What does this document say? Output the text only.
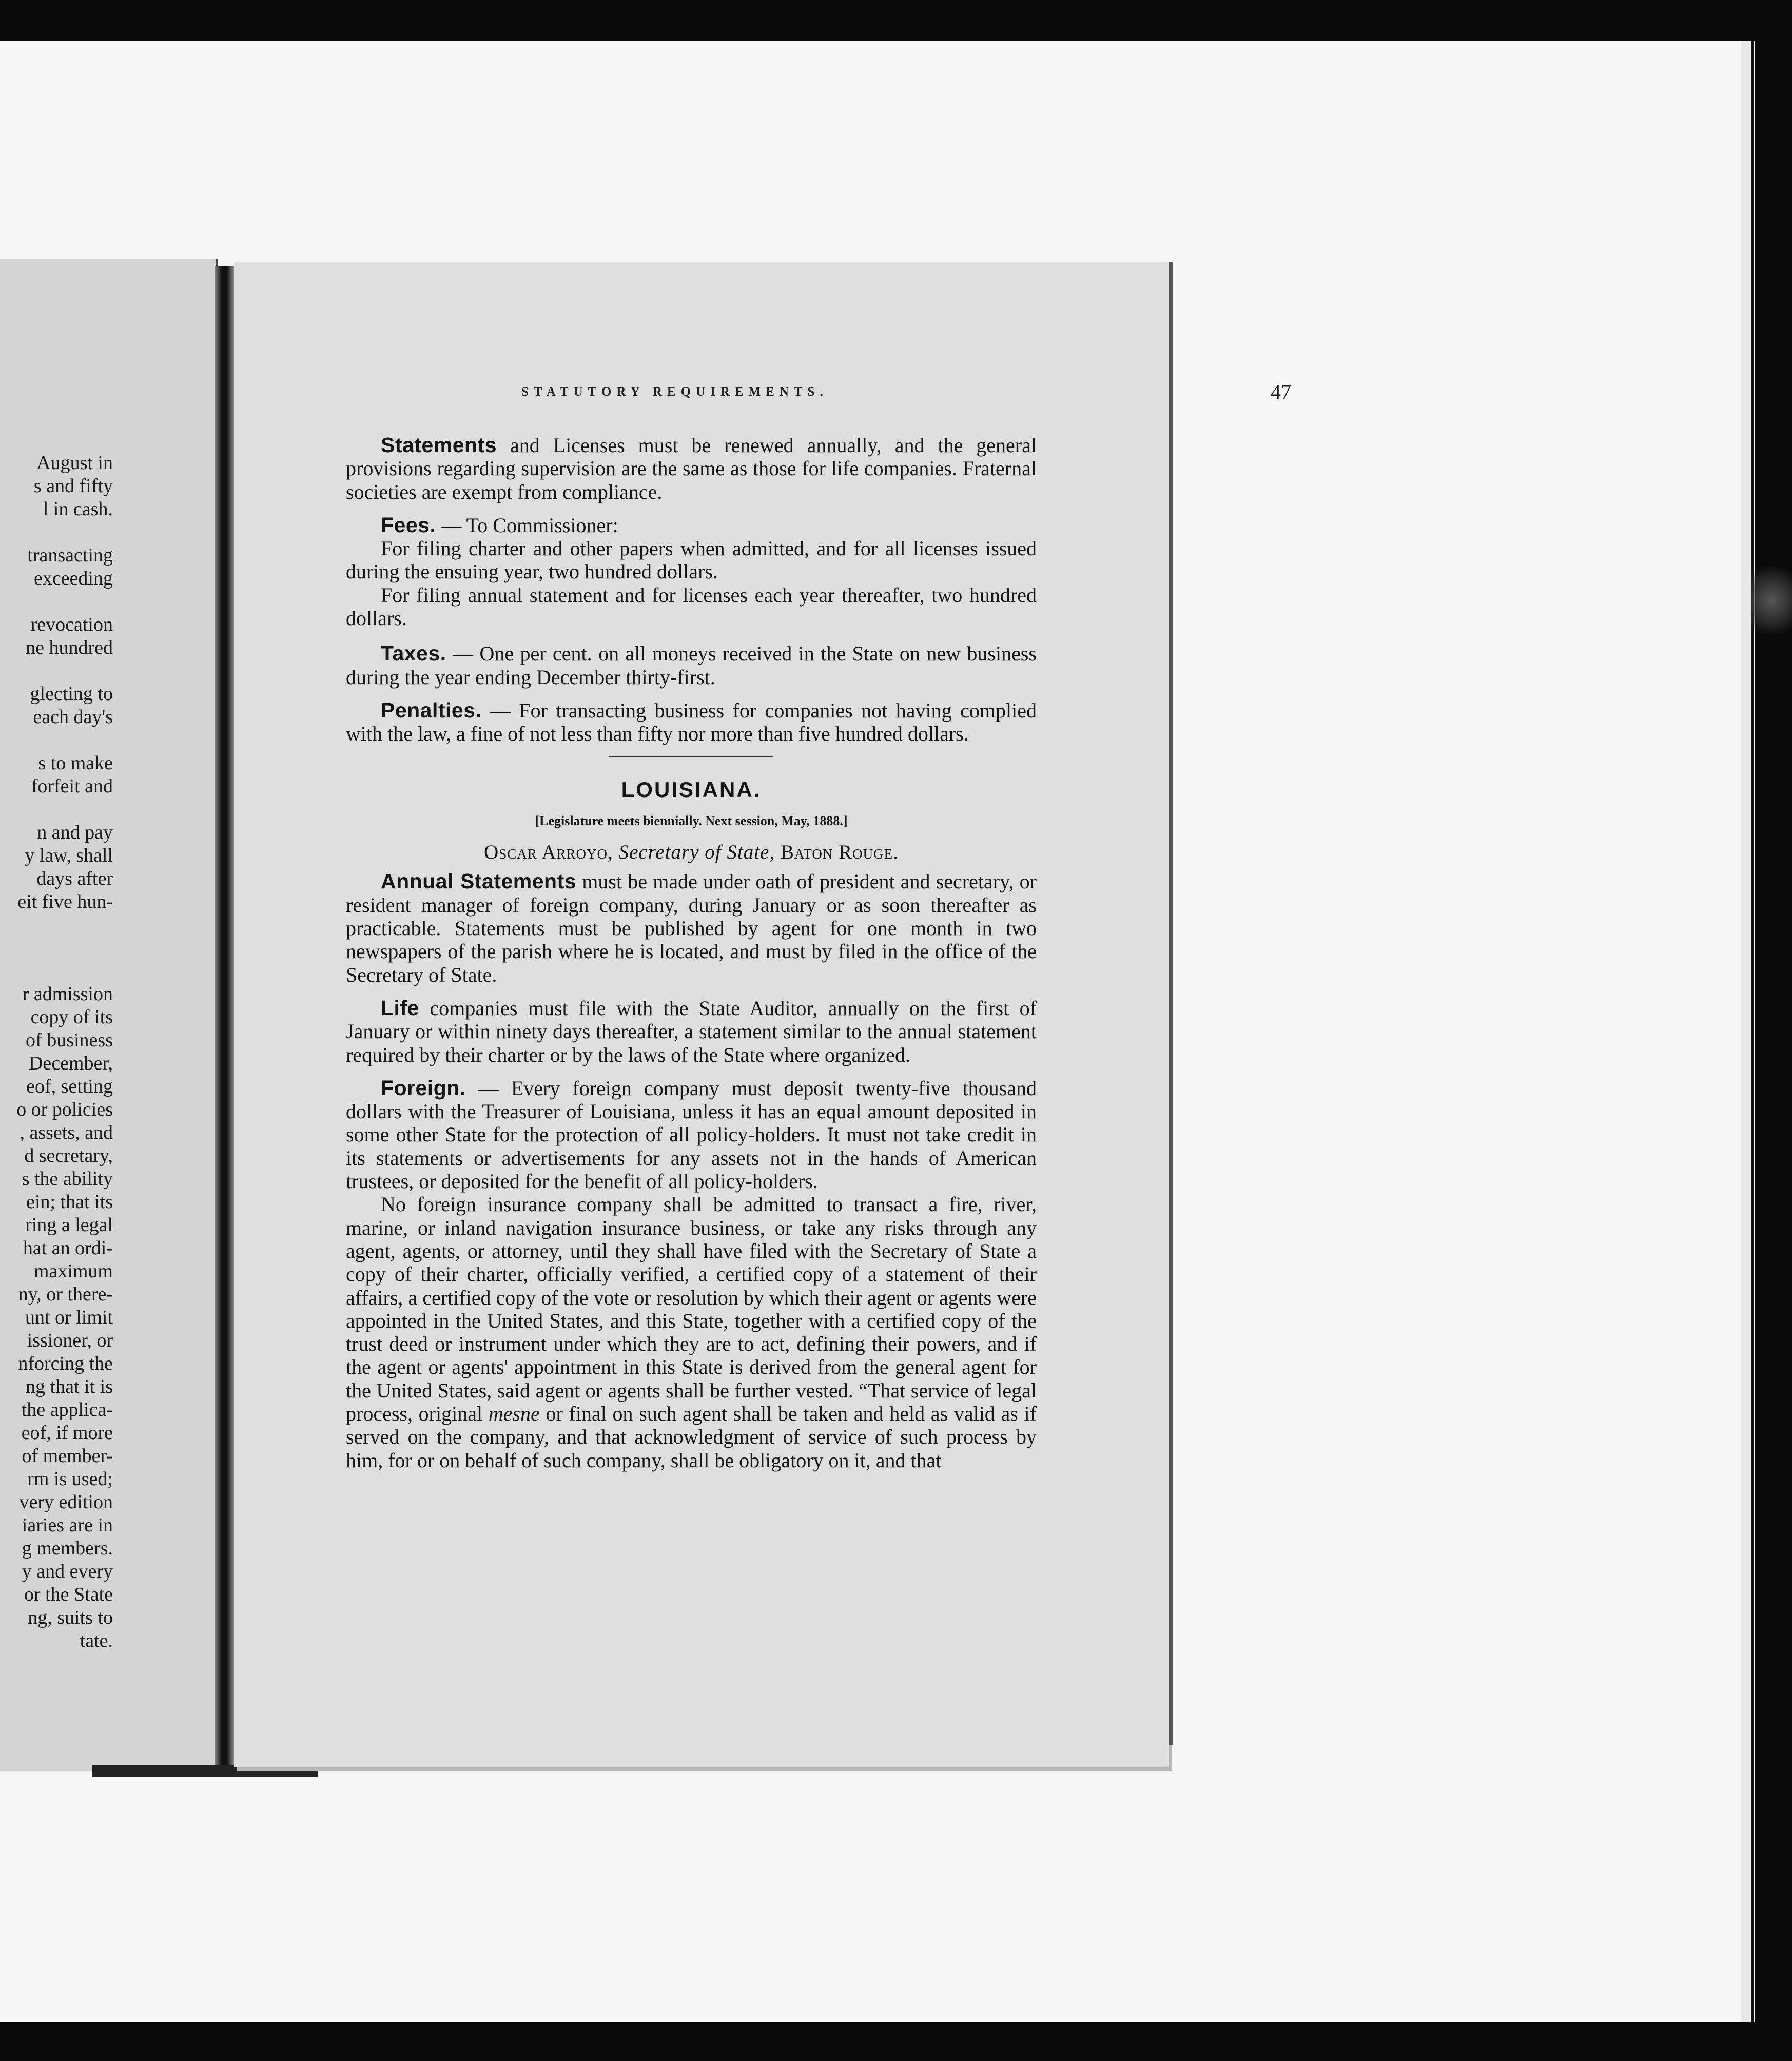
August in
s and fifty
l in cash.

transacting
exceeding

revocation
ne hundred

glecting to
each day's

s to make
forfeit and

n and pay
y law, shall
days after
eit five hun-

r admission
copy of its
of business
December,
eof, setting
o or policies
, assets, and
d secretary,
s the ability
ein; that its
ring a legal
hat an ordi-
maximum
ny, or there-
unt or limit
issioner, or
nforcing the
ng that it is
the applica-
eof, if more
of member-
rm is used;
very edition
iaries are in
g members.
y and every
or the State
ng, suits to
tate.
STATUTORY REQUIREMENTS.	47

Statements and Licenses must be renewed annually, and the general provisions regarding supervision are the same as those for life companies. Fraternal societies are exempt from compliance.

Fees. — To Commissioner:

For filing charter and other papers when admitted, and for all licenses issued during the ensuing year, two hundred dollars.

For filing annual statement and for licenses each year thereafter, two hundred dollars.

Taxes. — One per cent. on all moneys received in the State on new business during the year ending December thirty-first.

Penalties. — For transacting business for companies not having complied with the law, a fine of not less than fifty nor more than five hundred dollars.

LOUISIANA.
[Legislature meets biennially. Next session, May, 1888.]
Oscar Arroyo, Secretary of State, Baton Rouge.

Annual Statements must be made under oath of president and secretary, or resident manager of foreign company, during January or as soon thereafter as practicable. Statements must be published by agent for one month in two newspapers of the parish where he is located, and must by filed in the office of the Secretary of State.

Life companies must file with the State Auditor, annually on the first of January or within ninety days thereafter, a statement similar to the annual statement required by their charter or by the laws of the State where organized.

Foreign. — Every foreign company must deposit twenty-five thousand dollars with the Treasurer of Louisiana, unless it has an equal amount deposited in some other State for the protection of all policy-holders. It must not take credit in its statements or advertisements for any assets not in the hands of American trustees, or deposited for the benefit of all policy-holders.

No foreign insurance company shall be admitted to transact a fire, river, marine, or inland navigation insurance business, or take any risks through any agent, agents, or attorney, until they shall have filed with the Secretary of State a copy of their charter, officially verified, a certified copy of a statement of their affairs, a certified copy of the vote or resolution by which their agent or agents were appointed in the United States, and this State, together with a certified copy of the trust deed or instrument under which they are to act, defining their powers, and if the agent or agents' appointment in this State is derived from the general agent for the United States, said agent or agents shall be further vested. “That service of legal process, original mesne or final on such agent shall be taken and held as valid as if served on the company, and that acknowledgment of service of such process by him, for or on behalf of such company, shall be obligatory on it, and that
